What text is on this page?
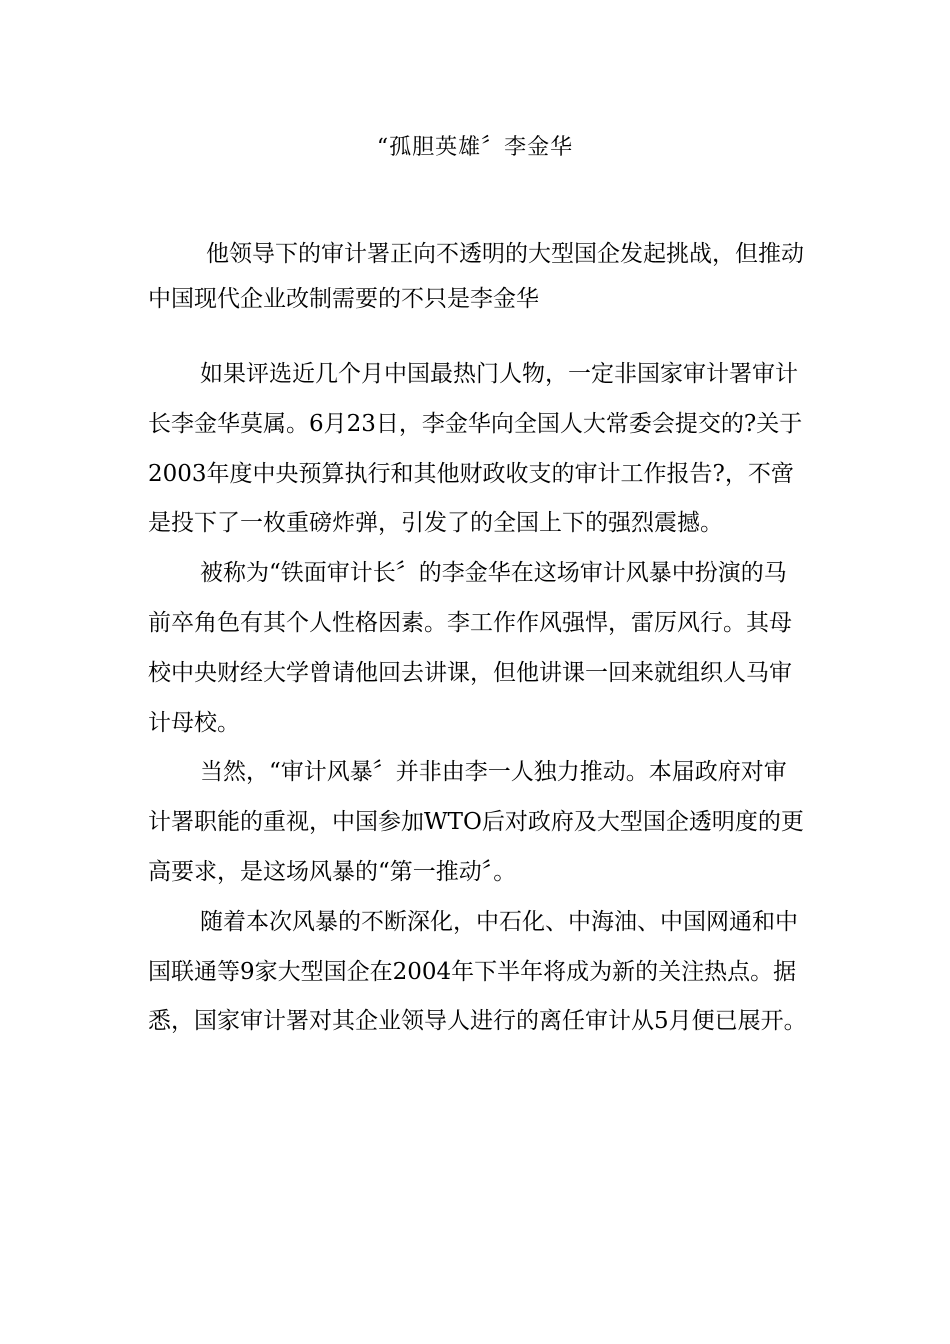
“孤胆英雄〞李金华

他领导下的审计署正向不透明的大型国企发起挑战，但推动中国现代企业改制需要的不只是李金华

如果评选近几个月中国最热门人物，一定非国家审计署审计长李金华莫属。6月23日，李金华向全国人大常委会提交的?关于2003年度中央预算执行和其他财政收支的审计工作报告?，不啻是投下了一枚重磅炸弹，引发了的全国上下的强烈震撼。

被称为“铁面审计长〞的李金华在这场审计风暴中扮演的马前卒角色有其个人性格因素。李工作作风强悍，雷厉风行。其母校中央财经大学曾请他回去讲课，但他讲课一回来就组织人马审计母校。

当然，“审计风暴〞并非由李一人独力推动。本届政府对审计署职能的重视，中国参加WTO后对政府及大型国企透明度的更高要求，是这场风暴的“第一推动〞。

随着本次风暴的不断深化，中石化、中海油、中国网通和中国联通等9家大型国企在2004年下半年将成为新的关注热点。据悉，国家审计署对其企业领导人进行的离任审计从5月便已展开。
